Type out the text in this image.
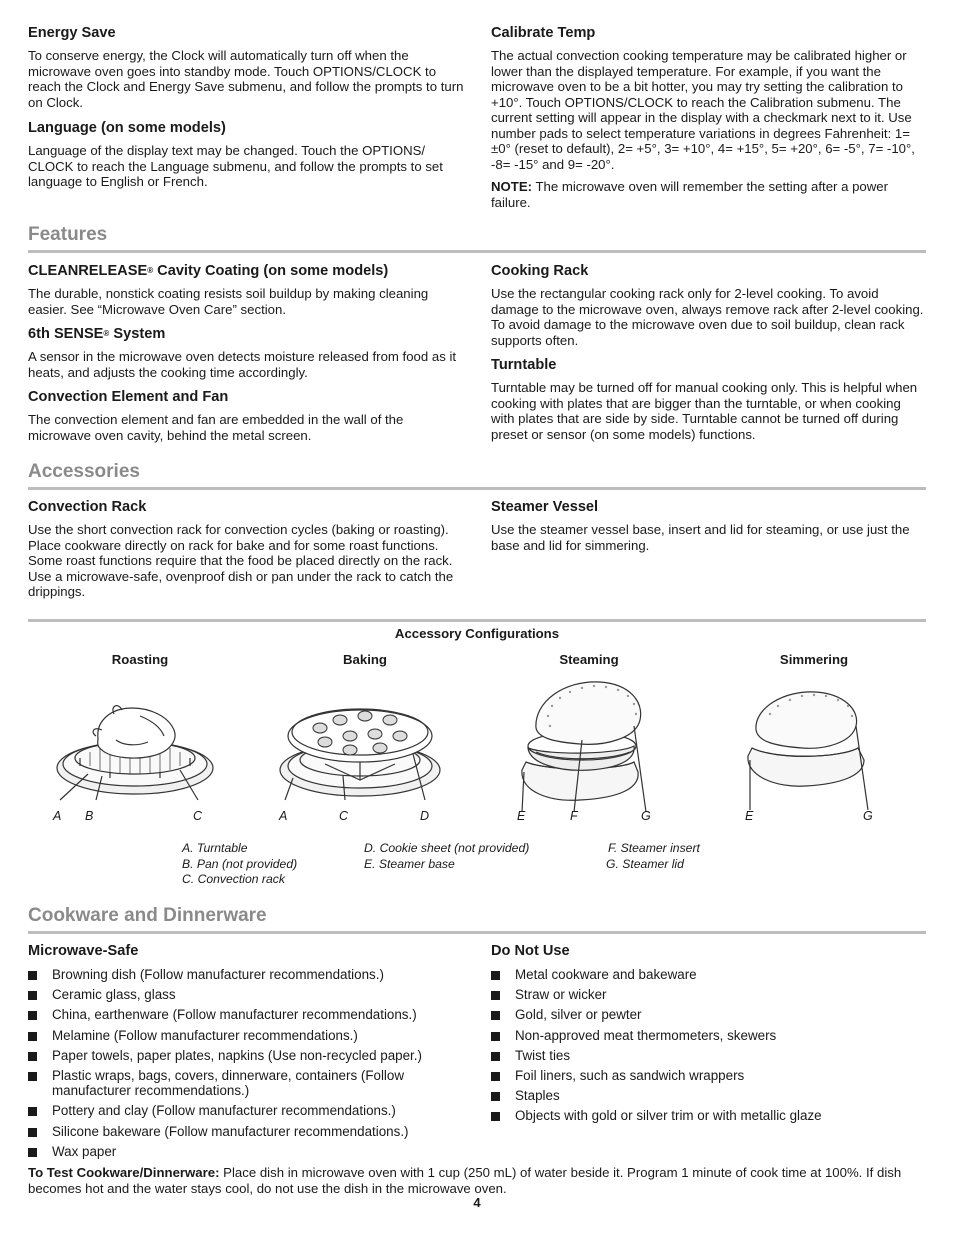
Energy Save

To conserve energy, the Clock will automatically turn off when the microwave oven goes into standby mode. Touch OPTIONS/CLOCK to reach the Clock and Energy Save submenu, and follow the prompts to turn on Clock.

Language (on some models)

Language of the display text may be changed. Touch the OPTIONS/ CLOCK to reach the Language submenu, and follow the prompts to set language to English or French.

Calibrate Temp

The actual convection cooking temperature may be calibrated higher or lower than the displayed temperature. For example, if you want the microwave oven to be a bit hotter, you may try setting the calibration to +10°. Touch OPTIONS/CLOCK to reach the Calibration submenu. The current setting will appear in the display with a checkmark next to it. Use number pads to select temperature variations in degrees Fahrenheit: 1= ±0° (reset to default), 2= +5°, 3= +10°, 4= +15°, 5= +20°, 6= -5°, 7= -10°, -8= -15° and 9= -20°.

NOTE: The microwave oven will remember the setting after a power failure.

Features
CLEANRELEASE® Cavity Coating (on some models)

The durable, nonstick coating resists soil buildup by making cleaning easier. See “Microwave Oven Care” section.

6th SENSE® System

A sensor in the microwave oven detects moisture released from food as it heats, and adjusts the cooking time accordingly.

Convection Element and Fan

The convection element and fan are embedded in the wall of the microwave oven cavity, behind the metal screen.

Cooking Rack

Use the rectangular cooking rack only for 2-level cooking. To avoid damage to the microwave oven, always remove rack after 2-level cooking. To avoid damage to the microwave oven due to soil buildup, clean rack supports often.

Turntable

Turntable may be turned off for manual cooking only. This is helpful when cooking with plates that are bigger than the turntable, or when cooking with plates that are side by side. Turntable cannot be turned off during preset or sensor (on some models) functions.

Accessories
Convection Rack

Use the short convection rack for convection cycles (baking or roasting). Place cookware directly on rack for bake and for some roast functions. Some roast functions require that the food be placed directly on the rack. Use a microwave-safe, ovenproof dish or pan under the rack to catch the drippings.

Steamer Vessel

Use the steamer vessel base, insert and lid for steaming, or use just the base and lid for simmering.

Accessory Configurations
Roasting	Baking	Steaming	Simmering
A B	C	A	C	D	E	F	G	E	G
A. Turntable
B. Pan (not provided)
C. Convection rack
D. Cookie sheet (not provided)
E. Steamer base
F. Steamer insert
G. Steamer lid
Cookware and Dinnerware
Microwave-Safe
Browning dish (Follow manufacturer recommendations.)
Ceramic glass, glass
China, earthenware (Follow manufacturer recommendations.)
Melamine (Follow manufacturer recommendations.)
Paper towels, paper plates, napkins (Use non-recycled paper.)
Plastic wraps, bags, covers, dinnerware, containers (Follow manufacturer recommendations.)
Pottery and clay (Follow manufacturer recommendations.)
Silicone bakeware (Follow manufacturer recommendations.)
Wax paper
Do Not Use
Metal cookware and bakeware
Straw or wicker
Gold, silver or pewter
Non-approved meat thermometers, skewers
Twist ties
Foil liners, such as sandwich wrappers
Staples
Objects with gold or silver trim or with metallic glaze
To Test Cookware/Dinnerware: Place dish in microwave oven with 1 cup (250 mL) of water beside it. Program 1 minute of cook time at 100%. If dish becomes hot and the water stays cool, do not use the dish in the microwave oven.
4
